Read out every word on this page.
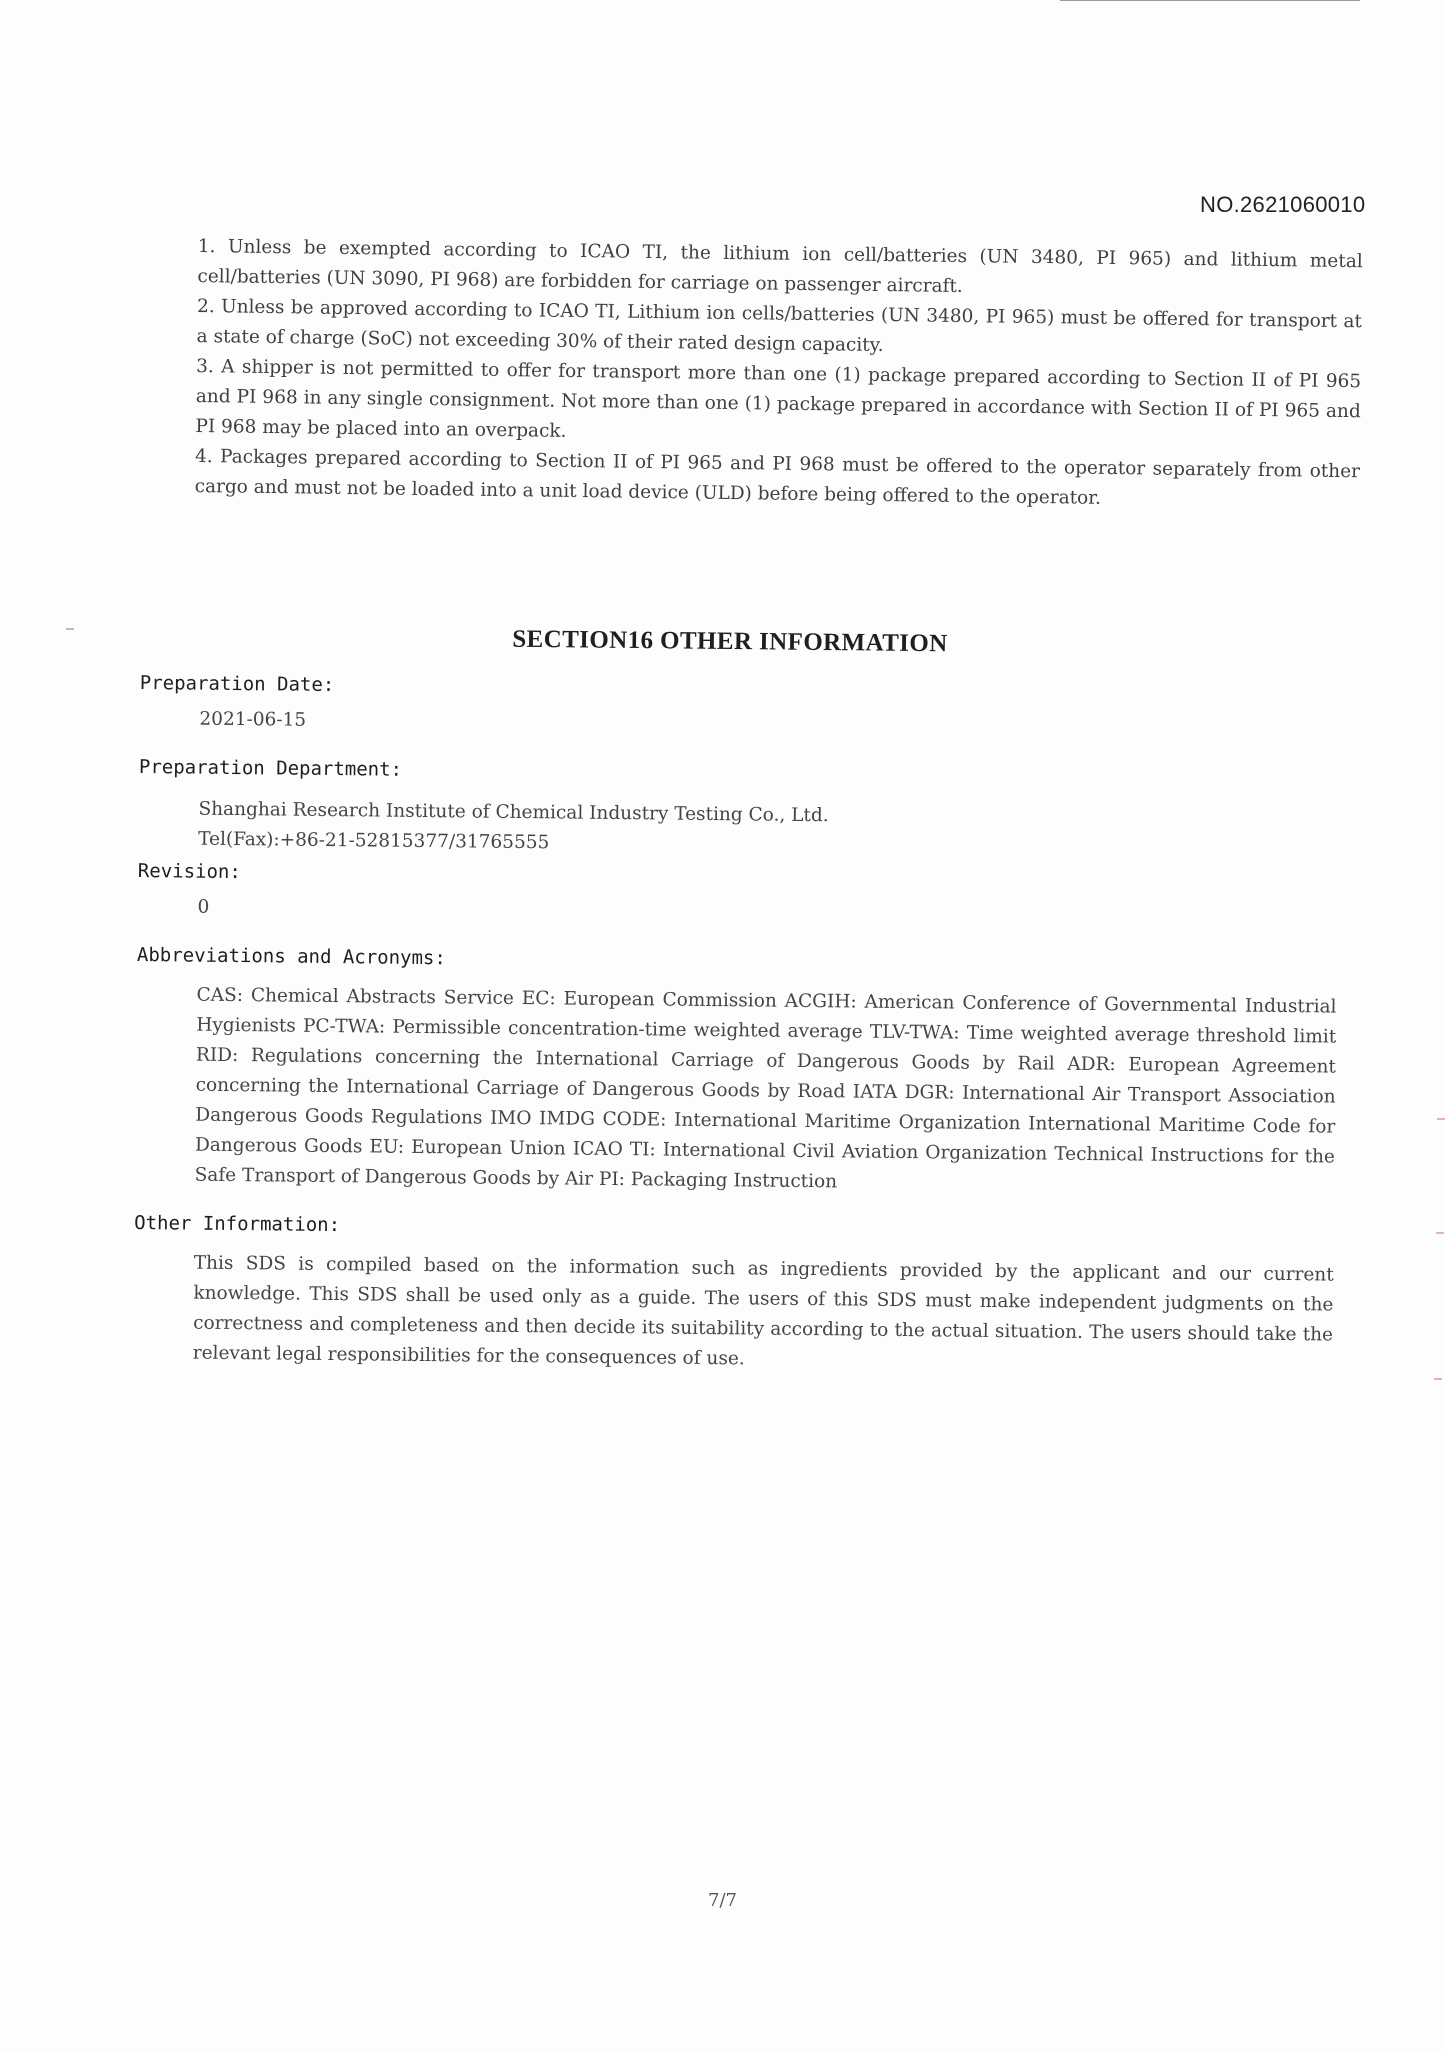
NO.2621060010

1. Unless be exempted according to ICAO TI, the lithium ion cell/batteries (UN 3480, PI 965) and lithium metal cell/batteries (UN 3090, PI 968) are forbidden for carriage on passenger aircraft.

2. Unless be approved according to ICAO TI, Lithium ion cells/batteries (UN 3480, PI 965) must be offered for transport at a state of charge (SoC) not exceeding 30% of their rated design capacity.

3. A shipper is not permitted to offer for transport more than one (1) package prepared according to Section II of PI 965 and PI 968 in any single consignment. Not more than one (1) package prepared in accordance with Section II of PI 965 and PI 968 may be placed into an overpack.

4. Packages prepared according to Section II of PI 965 and PI 968 must be offered to the operator separately from other cargo and must not be loaded into a unit load device (ULD) before being offered to the operator.

SECTION16 OTHER INFORMATION

Preparation Date:

2021-06-15

Preparation Department:

Shanghai Research Institute of Chemical Industry Testing Co., Ltd.
Tel(Fax):+86-21-52815377/31765555

Revision:

0

Abbreviations and Acronyms:

CAS: Chemical Abstracts Service EC: European Commission ACGIH: American Conference of Governmental Industrial Hygienists PC-TWA: Permissible concentration-time weighted average TLV-TWA: Time weighted average threshold limit RID: Regulations concerning the International Carriage of Dangerous Goods by Rail ADR: European Agreement concerning the International Carriage of Dangerous Goods by Road IATA DGR: International Air Transport Association Dangerous Goods Regulations IMO IMDG CODE: International Maritime Organization International Maritime Code for Dangerous Goods EU: European Union ICAO TI: International Civil Aviation Organization Technical Instructions for the Safe Transport of Dangerous Goods by Air PI: Packaging Instruction

Other Information:

This SDS is compiled based on the information such as ingredients provided by the applicant and our current knowledge. This SDS shall be used only as a guide. The users of this SDS must make independent judgments on the correctness and completeness and then decide its suitability according to the actual situation. The users should take the relevant legal responsibilities for the consequences of use.
7/7
